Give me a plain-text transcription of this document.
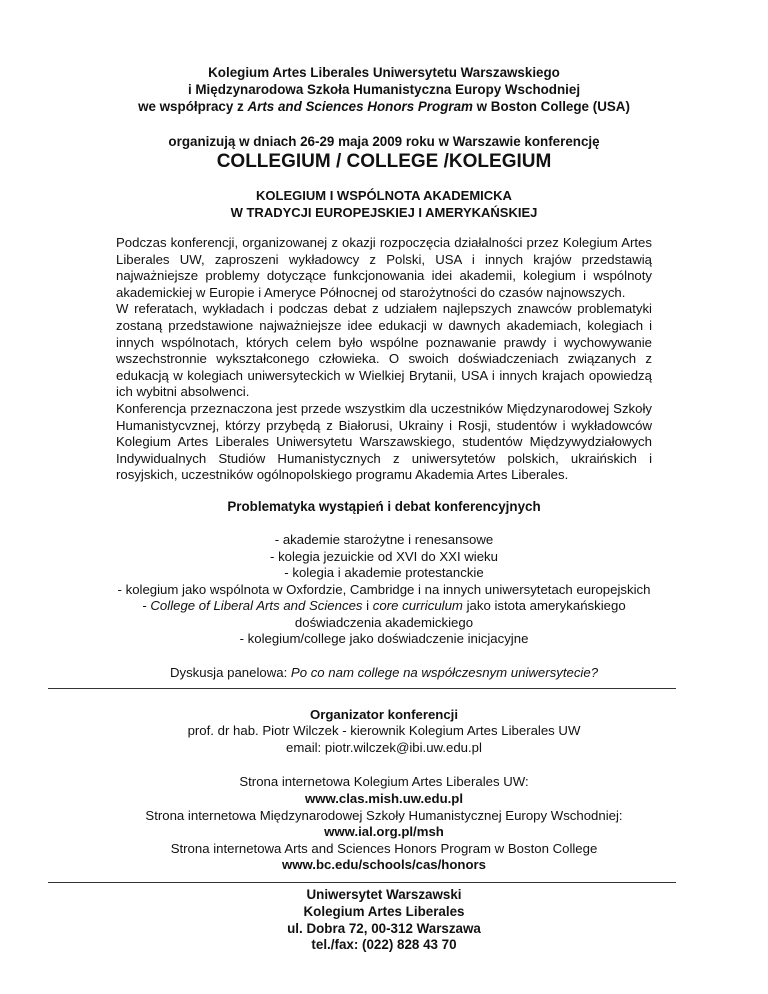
Kolegium Artes Liberales Uniwersytetu Warszawskiego
i Międzynarodowa Szkoła Humanistyczna Europy Wschodniej
we współpracy z Arts and Sciences Honors Program w Boston College (USA)
organizują w dniach 26-29 maja 2009 roku w Warszawie konferencję
COLLEGIUM / COLLEGE /KOLEGIUM
KOLEGIUM I WSPÓLNOTA AKADEMICKA
W TRADYCJI EUROPEJSKIEJ I AMERYKAŃSKIEJ

Podczas konferencji, organizowanej z okazji rozpoczęcia działalności przez Kolegium Artes Liberales UW, zaproszeni wykładowcy z Polski, USA i innych krajów przedstawią najważniejsze problemy dotyczące funkcjonowania idei akademii, kolegium i wspólnoty akademickiej w Europie i Ameryce Północnej od starożytności do czasów najnowszych.

W referatach, wykładach i podczas debat z udziałem najlepszych znawców problematyki zostaną przedstawione najważniejsze idee edukacji w dawnych akademiach, kolegiach i innych wspólnotach, których celem było wspólne poznawanie prawdy i wychowywanie wszechstronnie wykształconego człowieka. O swoich doświadczeniach związanych z edukacją w kolegiach uniwersyteckich w Wielkiej Brytanii, USA i innych krajach opowiedzą ich wybitni absolwenci.

Konferencja przeznaczona jest przede wszystkim dla uczestników Międzynarodowej Szkoły Humanistycvznej, którzy przybędą z Białorusi, Ukrainy i Rosji, studentów i wykładowców Kolegium Artes Liberales Uniwersytetu Warszawskiego, studentów Międzywydziałowych Indywidualnych Studiów Humanistycznych z uniwersytetów polskich, ukraińskich i rosyjskich, uczestników ogólnopolskiego programu Akademia Artes Liberales.

Problematyka wystąpień i debat konferencyjnych
- akademie starożytne i renesansowe
- kolegia jezuickie od XVI do XXI wieku
- kolegia i akademie protestanckie
- kolegium jako wspólnota w Oxfordzie, Cambridge i na innych uniwersytetach europejskich
- College of Liberal Arts and Sciences i core curriculum jako istota amerykańskiego
doświadczenia akademickiego
- kolegium/college jako doświadczenie inicjacyjne
Dyskusja panelowa: Po co nam college na współczesnym uniwersytecie?
Organizator konferencji
prof. dr hab. Piotr Wilczek - kierownik Kolegium Artes Liberales UW
email: piotr.wilczek@ibi.uw.edu.pl
Strona internetowa Kolegium Artes Liberales UW:
www.clas.mish.uw.edu.pl
Strona internetowa Międzynarodowej Szkoły Humanistycznej Europy Wschodniej:
www.ial.org.pl/msh
Strona internetowa Arts and Sciences Honors Program w Boston College
www.bc.edu/schools/cas/honors
Uniwersytet Warszawski
Kolegium Artes Liberales
ul. Dobra 72, 00-312 Warszawa
tel./fax: (022) 828 43 70
